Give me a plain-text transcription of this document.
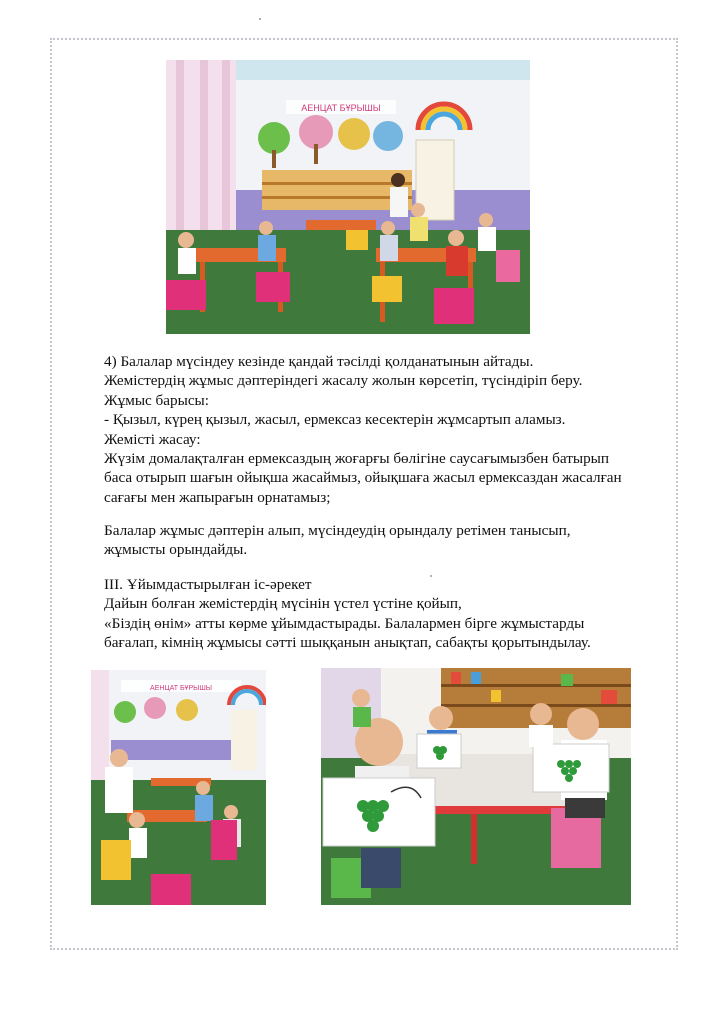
АЕНЦАТ БҰРЫШЫ

4) Балалар мүсіндеу кезінде қандай тәсілді қолданатынын айтады.

Жемістердің жұмыс дәптеріндегі жасалу жолын көрсетіп, түсіндіріп беру.

Жұмыс барысы:

- Қызыл, күрең қызыл, жасыл, ермексаз кесектерін жұмсартып аламыз.

Жемісті жасау:

Жүзім домалақталған ермексаздың жоғарғы бөлігіне саусағымызбен батырып

баса отырып шағын ойықша жасаймыз, ойықшаға жасыл ермексаздан жасалған

сағағы мен жапырағын орнатамыз;

Балалар жұмыс дәптерін алып, мүсіндеудің орындалу ретімен танысып,

жұмысты орындайды.

ІІІ. Ұйымдастырылған іс-әрекет

Дайын болған жемістердің мүсінін үстел үстіне қойып,

«Біздің өнім» атты көрме ұйымдастырады. Балалармен бірге жұмыстарды

бағалап, кімнің жұмысы сәтті шыққанын анықтап, сабақты қорытындылау.

АЕНЦАТ БҰРЫШЫ
